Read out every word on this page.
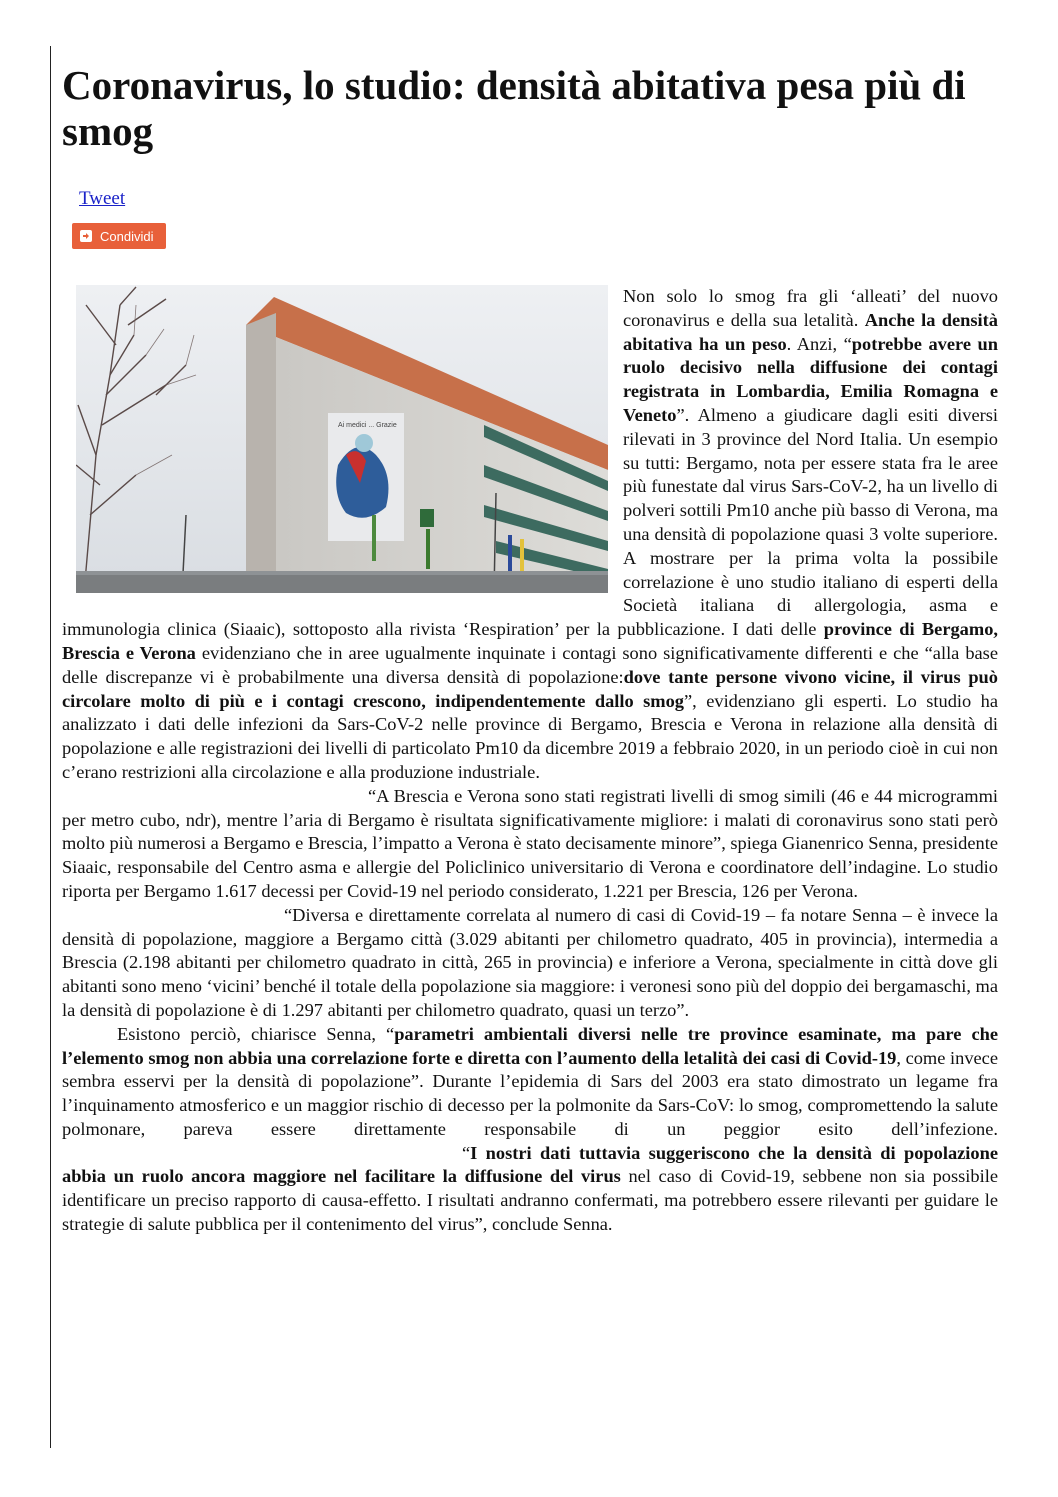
Coronavirus, lo studio: densità abitativa pesa più di smog
Tweet
Condividi
Ai medici ... Grazie

Non solo lo smog fra gli ‘alleati’ del nuovo coronavirus e della sua letalità. Anche la densità abitativa ha un peso. Anzi, “potrebbe avere un ruolo decisivo nella diffusione dei contagi registrata in Lombardia, Emilia Romagna e Veneto”. Almeno a giudicare dagli esiti diversi rilevati in 3 province del Nord Italia. Un esempio su tutti: Bergamo, nota per essere stata fra le aree più funestate dal virus Sars-CoV-2, ha un livello di polveri sottili Pm10 anche più basso di Verona, ma una densità di popolazione quasi 3 volte superiore. A mostrare per la prima volta la possibile correlazione è uno studio italiano di esperti della Società italiana di allergologia, asma e immunologia clinica (Siaaic), sottoposto alla rivista ‘Respiration’ per la pubblicazione. I dati delle province di Bergamo, Brescia e Verona evidenziano che in aree ugualmente inquinate i contagi sono significativamente differenti e che “alla base delle discrepanze vi è probabilmente una diversa densità di popolazione:dove tante persone vivono vicine, il virus può circolare molto di più e i contagi crescono, indipendentemente dallo smog”, evidenziano gli esperti. Lo studio ha analizzato i dati delle infezioni da Sars-CoV-2 nelle province di Bergamo, Brescia e Verona in relazione alla densità di popolazione e alle registrazioni dei livelli di particolato Pm10 da dicembre 2019 a febbraio 2020, in un periodo cioè in cui non c’erano restrizioni alla circolazione e alla produzione industriale.

“A Brescia e Verona sono stati registrati livelli di smog simili (46 e 44 microgrammi per metro cubo, ndr), mentre l’aria di Bergamo è risultata significativamente migliore: i malati di coronavirus sono stati però molto più numerosi a Bergamo e Brescia, l’impatto a Verona è stato decisamente minore”, spiega Gianenrico Senna, presidente Siaaic, responsabile del Centro asma e allergie del Policlinico universitario di Verona e coordinatore dell’indagine. Lo studio riporta per Bergamo 1.617 decessi per Covid-19 nel periodo considerato, 1.221 per Brescia, 126 per Verona.

“Diversa e direttamente correlata al numero di casi di Covid-19 – fa notare Senna – è invece la densità di popolazione, maggiore a Bergamo città (3.029 abitanti per chilometro quadrato, 405 in provincia), intermedia a Brescia (2.198 abitanti per chilometro quadrato in città, 265 in provincia) e inferiore a Verona, specialmente in città dove gli abitanti sono meno ‘vicini’ benché il totale della popolazione sia maggiore: i veronesi sono più del doppio dei bergamaschi, ma la densità di popolazione è di 1.297 abitanti per chilometro quadrato, quasi un terzo”.

Esistono perciò, chiarisce Senna, “parametri ambientali diversi nelle tre province esaminate, ma pare che l’elemento smog non abbia una correlazione forte e diretta con l’aumento della letalità dei casi di Covid-19, come invece sembra esservi per la densità di popolazione”. Durante l’epidemia di Sars del 2003 era stato dimostrato un legame fra l’inquinamento atmosferico e un maggior rischio di decesso per la polmonite da Sars-CoV: lo smog, compromettendo la salute polmonare, pareva essere direttamente responsabile di un peggior esito dell’infezione.“I nostri dati tuttavia suggeriscono che la densità di popolazione abbia un ruolo ancora maggiore nel facilitare la diffusione del virus nel caso di Covid-19, sebbene non sia possibile identificare un preciso rapporto di causa-effetto. I risultati andranno confermati, ma potrebbero essere rilevanti per guidare le strategie di salute pubblica per il contenimento del virus”, conclude Senna.
